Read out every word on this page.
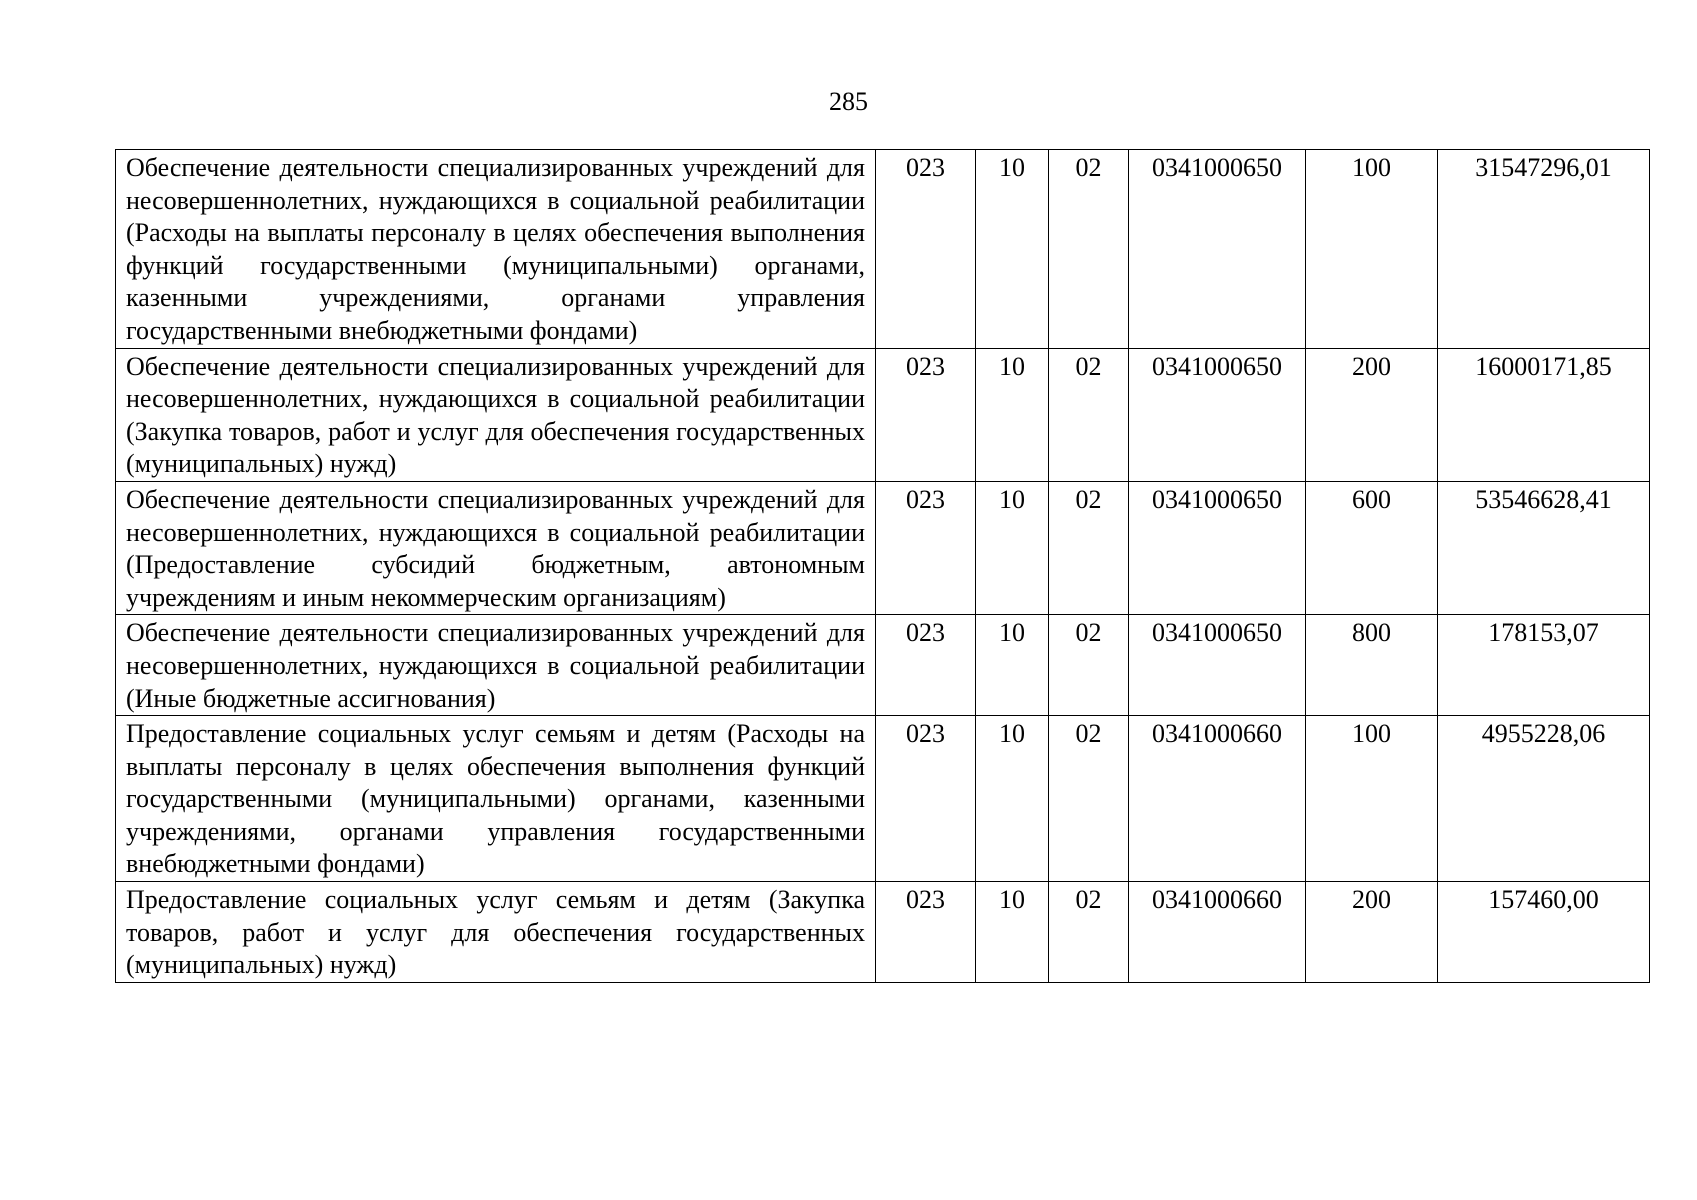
285
Обеспечение деятельности специализированных учреждений для несовершеннолетних, нуждающихся в социальной реабилитации (Расходы на выплаты персоналу в целях обеспечения выполнения функций государственными (муниципальными) органами, казенными учреждениями, органами управления государственными внебюджетными фондами)	023	10	02	0341000650	100	31547296,01
Обеспечение деятельности специализированных учреждений для несовершеннолетних, нуждающихся в социальной реабилитации (Закупка товаров, работ и услуг для обеспечения государственных (муниципальных) нужд)	023	10	02	0341000650	200	16000171,85
Обеспечение деятельности специализированных учреждений для несовершеннолетних, нуждающихся в социальной реабилитации (Предоставление субсидий бюджетным, автономным учреждениям и иным некоммерческим организациям)	023	10	02	0341000650	600	53546628,41
Обеспечение деятельности специализированных учреждений для несовершеннолетних, нуждающихся в социальной реабилитации (Иные бюджетные ассигнования)	023	10	02	0341000650	800	178153,07
Предоставление социальных услуг семьям и детям (Расходы на выплаты персоналу в целях обеспечения выполнения функций государственными (муниципальными) органами, казенными учреждениями, органами управления государственными внебюджетными фондами)	023	10	02	0341000660	100	4955228,06
Предоставление социальных услуг семьям и детям (Закупка товаров, работ и услуг для обеспечения государственных (муниципальных) нужд)	023	10	02	0341000660	200	157460,00
